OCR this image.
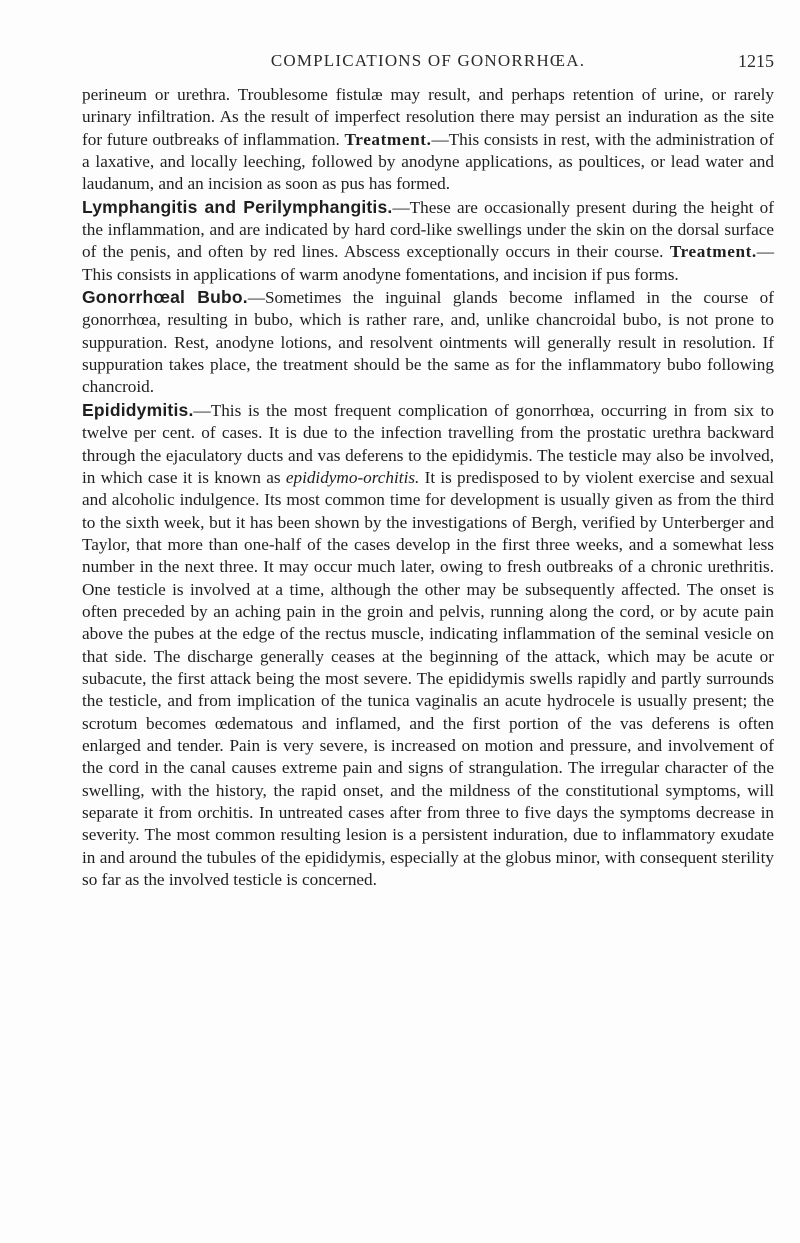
COMPLICATIONS OF GONORRHŒA.	1215

perineum or urethra. Troublesome fistulæ may result, and perhaps retention of urine, or rarely urinary infiltration. As the result of imperfect resolution there may persist an induration as the site for future outbreaks of inflammation. Treatment.—This consists in rest, with the administration of a laxative, and locally leeching, followed by anodyne applications, as poultices, or lead water and laudanum, and an incision as soon as pus has formed.

Lymphangitis and Perilymphangitis.—These are occasionally present during the height of the inflammation, and are indicated by hard cord-like swellings under the skin on the dorsal surface of the penis, and often by red lines. Abscess exceptionally occurs in their course. Treatment.— This consists in applications of warm anodyne fomentations, and incision if pus forms.

Gonorrhœal Bubo.—Sometimes the inguinal glands become inflamed in the course of gonorrhœa, resulting in bubo, which is rather rare, and, unlike chancroidal bubo, is not prone to suppuration. Rest, anodyne lotions, and resolvent ointments will generally result in resolution. If suppuration takes place, the treatment should be the same as for the inflammatory bubo following chancroid.

Epididymitis.—This is the most frequent complication of gonorrhœa, occurring in from six to twelve per cent. of cases. It is due to the infection travelling from the prostatic urethra backward through the ejaculatory ducts and vas deferens to the epididymis. The testicle may also be involved, in which case it is known as epididymo-orchitis. It is predisposed to by violent exercise and sexual and alcoholic indulgence. Its most common time for development is usually given as from the third to the sixth week, but it has been shown by the investigations of Bergh, verified by Unterberger and Taylor, that more than one-half of the cases develop in the first three weeks, and a somewhat less number in the next three. It may occur much later, owing to fresh outbreaks of a chronic urethritis. One testicle is involved at a time, although the other may be subsequently affected. The onset is often preceded by an aching pain in the groin and pelvis, running along the cord, or by acute pain above the pubes at the edge of the rectus muscle, indicating inflammation of the seminal vesicle on that side. The discharge generally ceases at the beginning of the attack, which may be acute or subacute, the first attack being the most severe. The epididymis swells rapidly and partly surrounds the testicle, and from implication of the tunica vaginalis an acute hydrocele is usually present; the scrotum becomes œdematous and inflamed, and the first portion of the vas deferens is often enlarged and tender. Pain is very severe, is increased on motion and pressure, and involvement of the cord in the canal causes extreme pain and signs of strangulation. The irregular character of the swelling, with the history, the rapid onset, and the mildness of the constitutional symptoms, will separate it from orchitis. In untreated cases after from three to five days the symptoms decrease in severity. The most common resulting lesion is a persistent induration, due to inflammatory exudate in and around the tubules of the epididymis, especially at the globus minor, with consequent sterility so far as the involved testicle is concerned.
